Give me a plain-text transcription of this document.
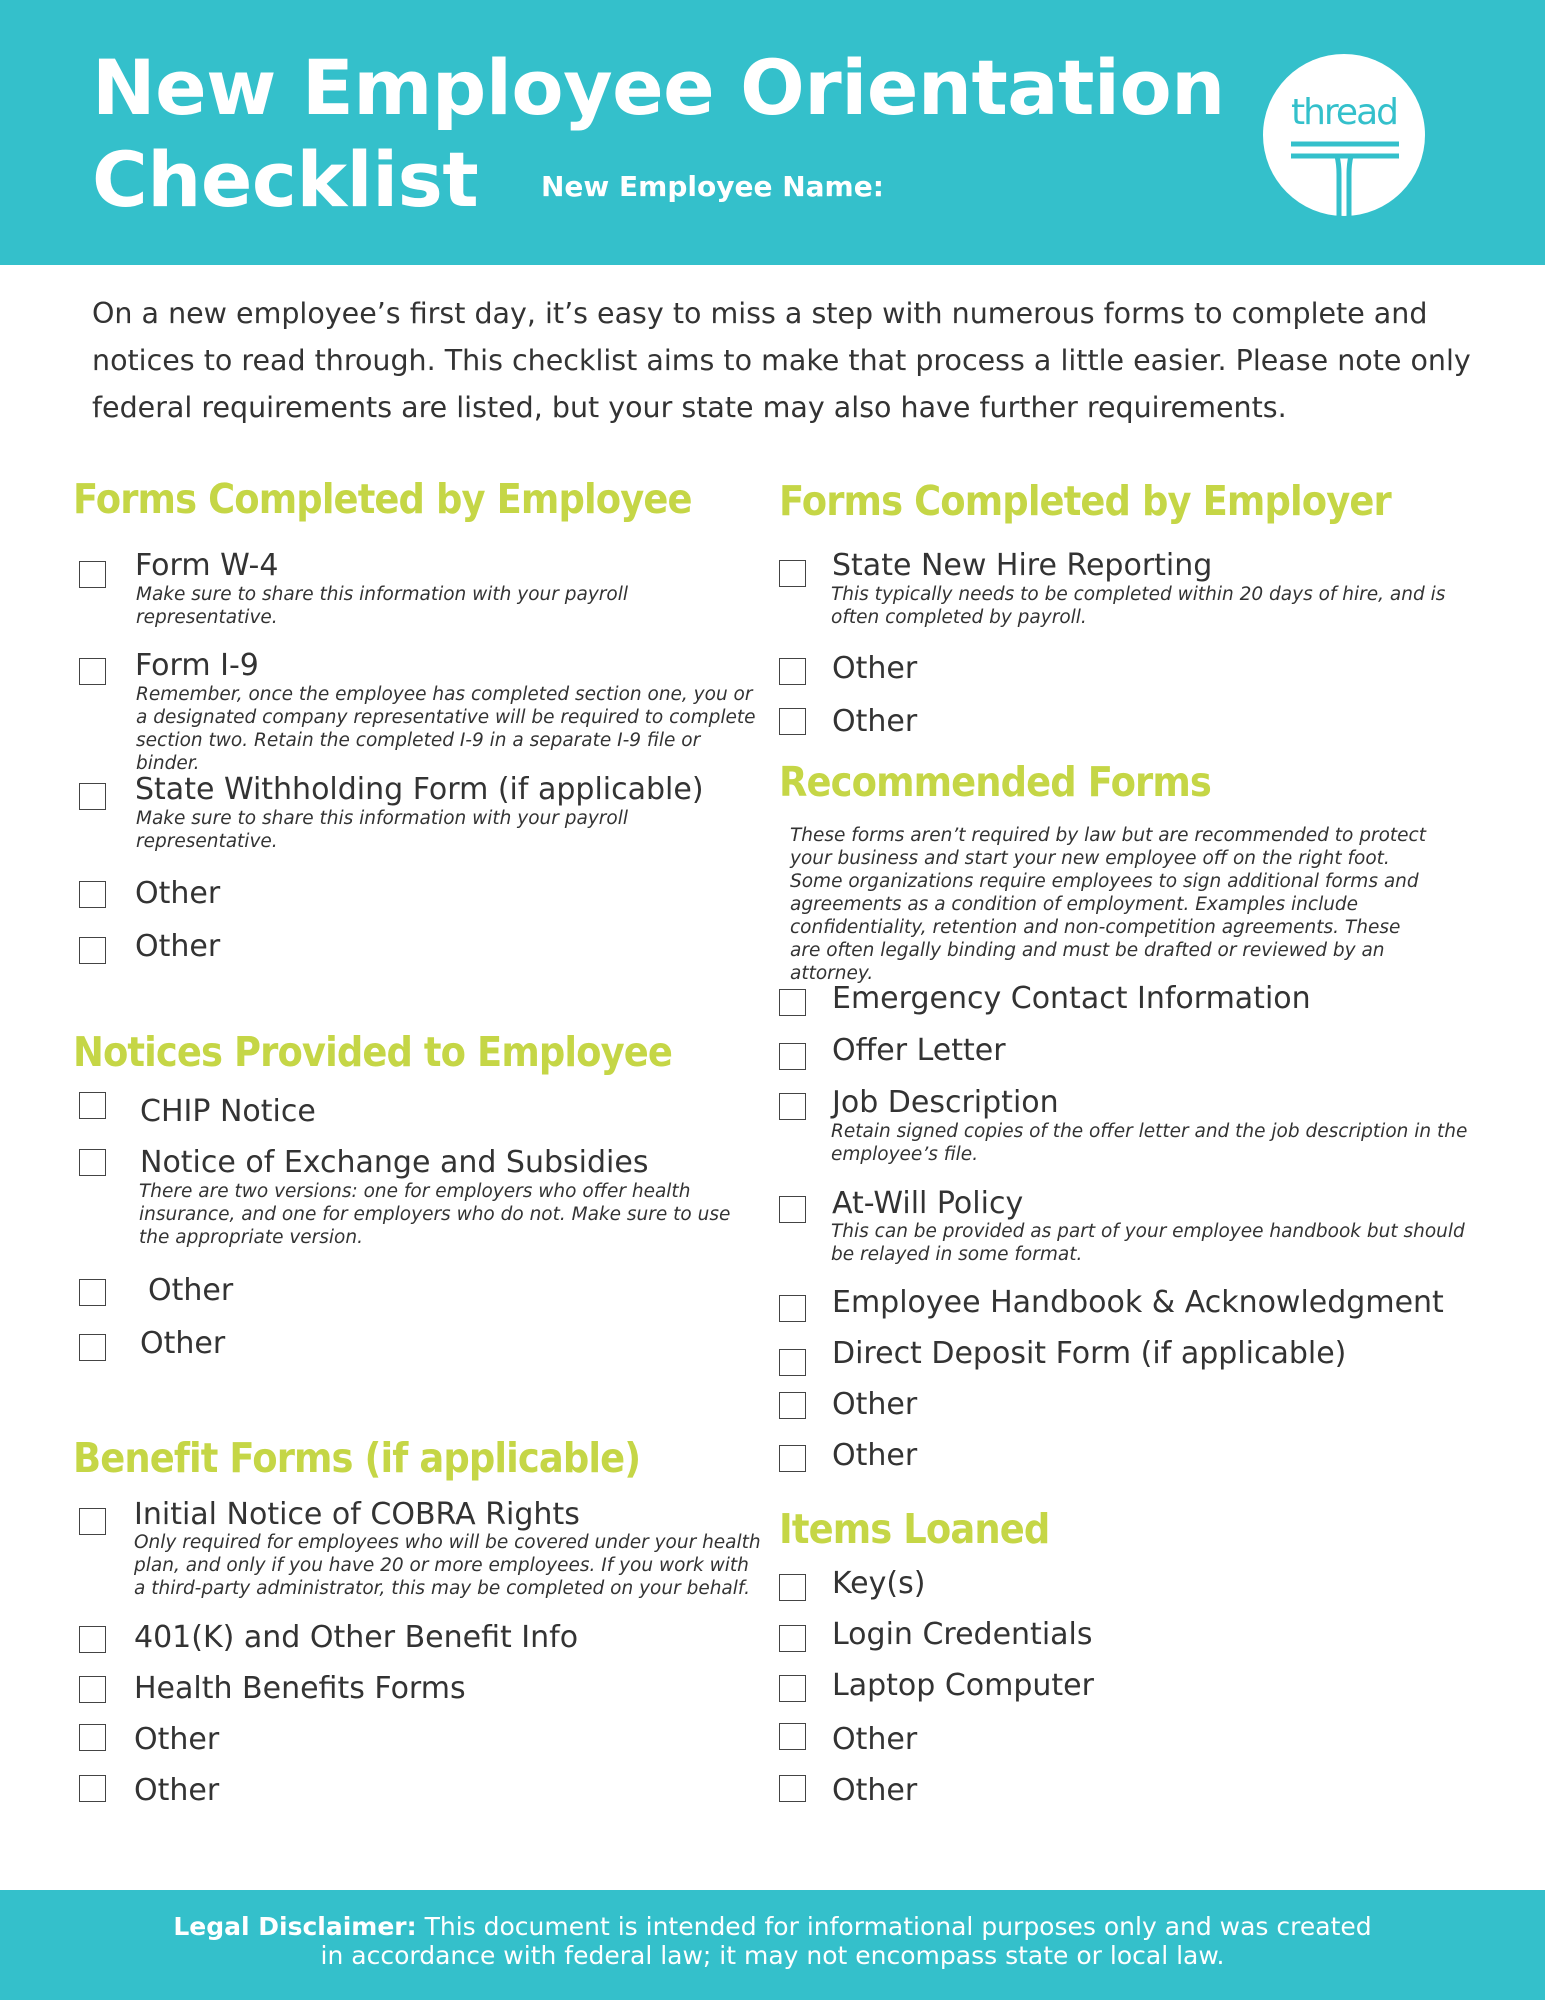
New Employee Orientation
Checklist	New Employee Name:
thread

On a new employee’s first day, it’s easy to miss a step with numerous forms to complete and notices to read through. This checklist aims to make that process a little easier. Please note only federal requirements are listed, but your state may also have further requirements.

Forms Completed by Employee
Form W-4

Make sure to share this information with your payroll representative.

Form I-9

Remember, once the employee has completed section one, you or a designated company representative will be required to complete section two. Retain the completed I-9 in a separate I-9 file or binder.

State Withholding Form (if applicable)

Make sure to share this information with your payroll representative.

Other
Other
Notices Provided to Employee
CHIP Notice
Notice of Exchange and Subsidies

There are two versions: one for employers who offer health insurance, and one for employers who do not. Make sure to use the appropriate version.

Other
Other
Benefit Forms (if applicable)
Initial Notice of COBRA Rights

Only required for employees who will be covered under your health plan, and only if you have 20 or more employees. If you work with a third-party administrator, this may be completed on your behalf.

401(K) and Other Benefit Info
Health Benefits Forms
Other
Other
Forms Completed by Employer
State New Hire Reporting

This typically needs to be completed within 20 days of hire, and is often completed by payroll.

Other
Other
Recommended Forms

These forms aren’t required by law but are recommended to protect your business and start your new employee off on the right foot. Some organizations require employees to sign additional forms and agreements as a condition of employment. Examples include confidentiality, retention and non-competition agreements. These are often legally binding and must be drafted or reviewed by an attorney.

Emergency Contact Information
Offer Letter
Job Description

Retain signed copies of the offer letter and the job description in the employee’s file.

At-Will Policy

This can be provided as part of your employee handbook but should be relayed in some format.

Employee Handbook & Acknowledgment
Direct Deposit Form (if applicable)
Other
Other
Items Loaned
Key(s)
Login Credentials
Laptop Computer
Other
Other

Legal Disclaimer: This document is intended for informational purposes only and was created in accordance with federal law; it may not encompass state or local law.
